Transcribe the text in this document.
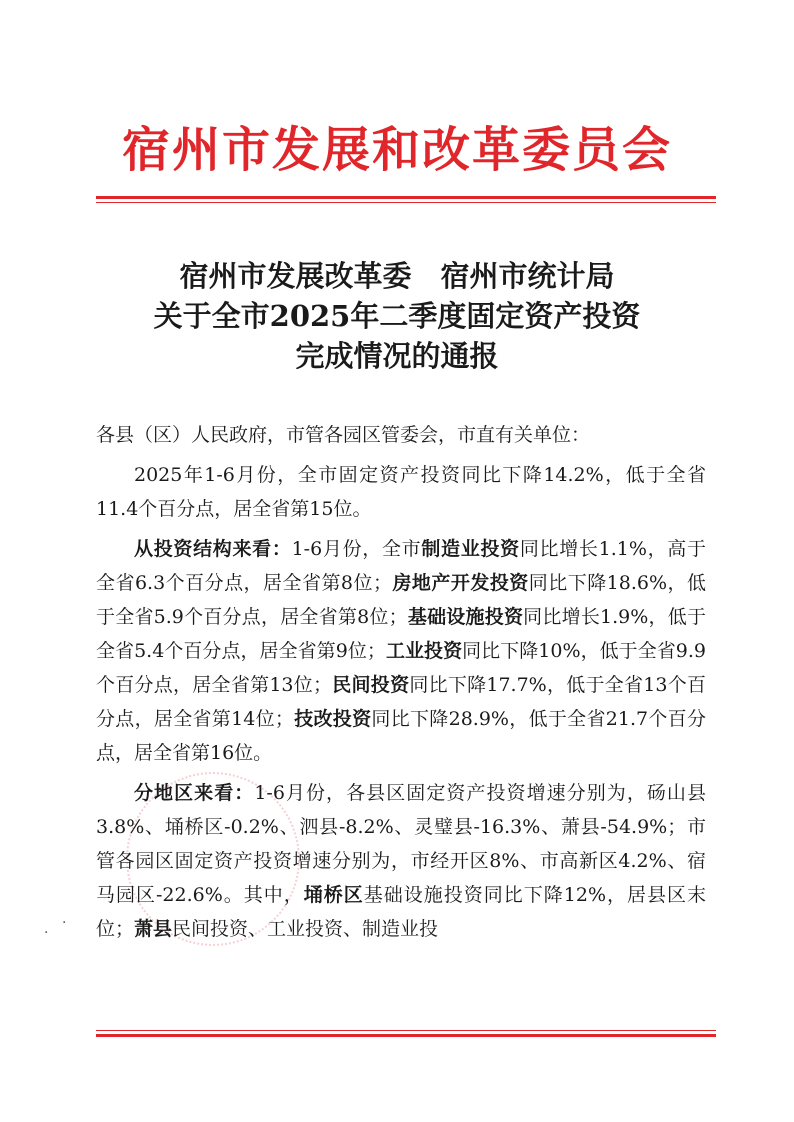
宿州市发展和改革委员会
宿州市发展改革委　宿州市统计局
关于全市2025年二季度固定资产投资
完成情况的通报

各县（区）人民政府，市管各园区管委会，市直有关单位：

2025年1-6月份，全市固定资产投资同比下降14.2%，低于全省11.4个百分点，居全省第15位。

从投资结构来看：1-6月份，全市制造业投资同比增长1.1%，高于全省6.3个百分点，居全省第8位；房地产开发投资同比下降18.6%，低于全省5.9个百分点，居全省第8位；基础设施投资同比增长1.9%，低于全省5.4个百分点，居全省第9位；工业投资同比下降10%，低于全省9.9个百分点，居全省第13位；民间投资同比下降17.7%，低于全省13个百分点，居全省第14位；技改投资同比下降28.9%，低于全省21.7个百分点，居全省第16位。

分地区来看：1-6月份，各县区固定资产投资增速分别为，砀山县3.8%、埇桥区-0.2%、泗县-8.2%、灵璧县-16.3%、萧县-54.9%；市管各园区固定资产投资增速分别为，市经开区8%、市高新区4.2%、宿马园区-22.6%。其中，埇桥区基础设施投资同比下降12%，居县区末位；萧县民间投资、工业投资、制造业投

·
·
